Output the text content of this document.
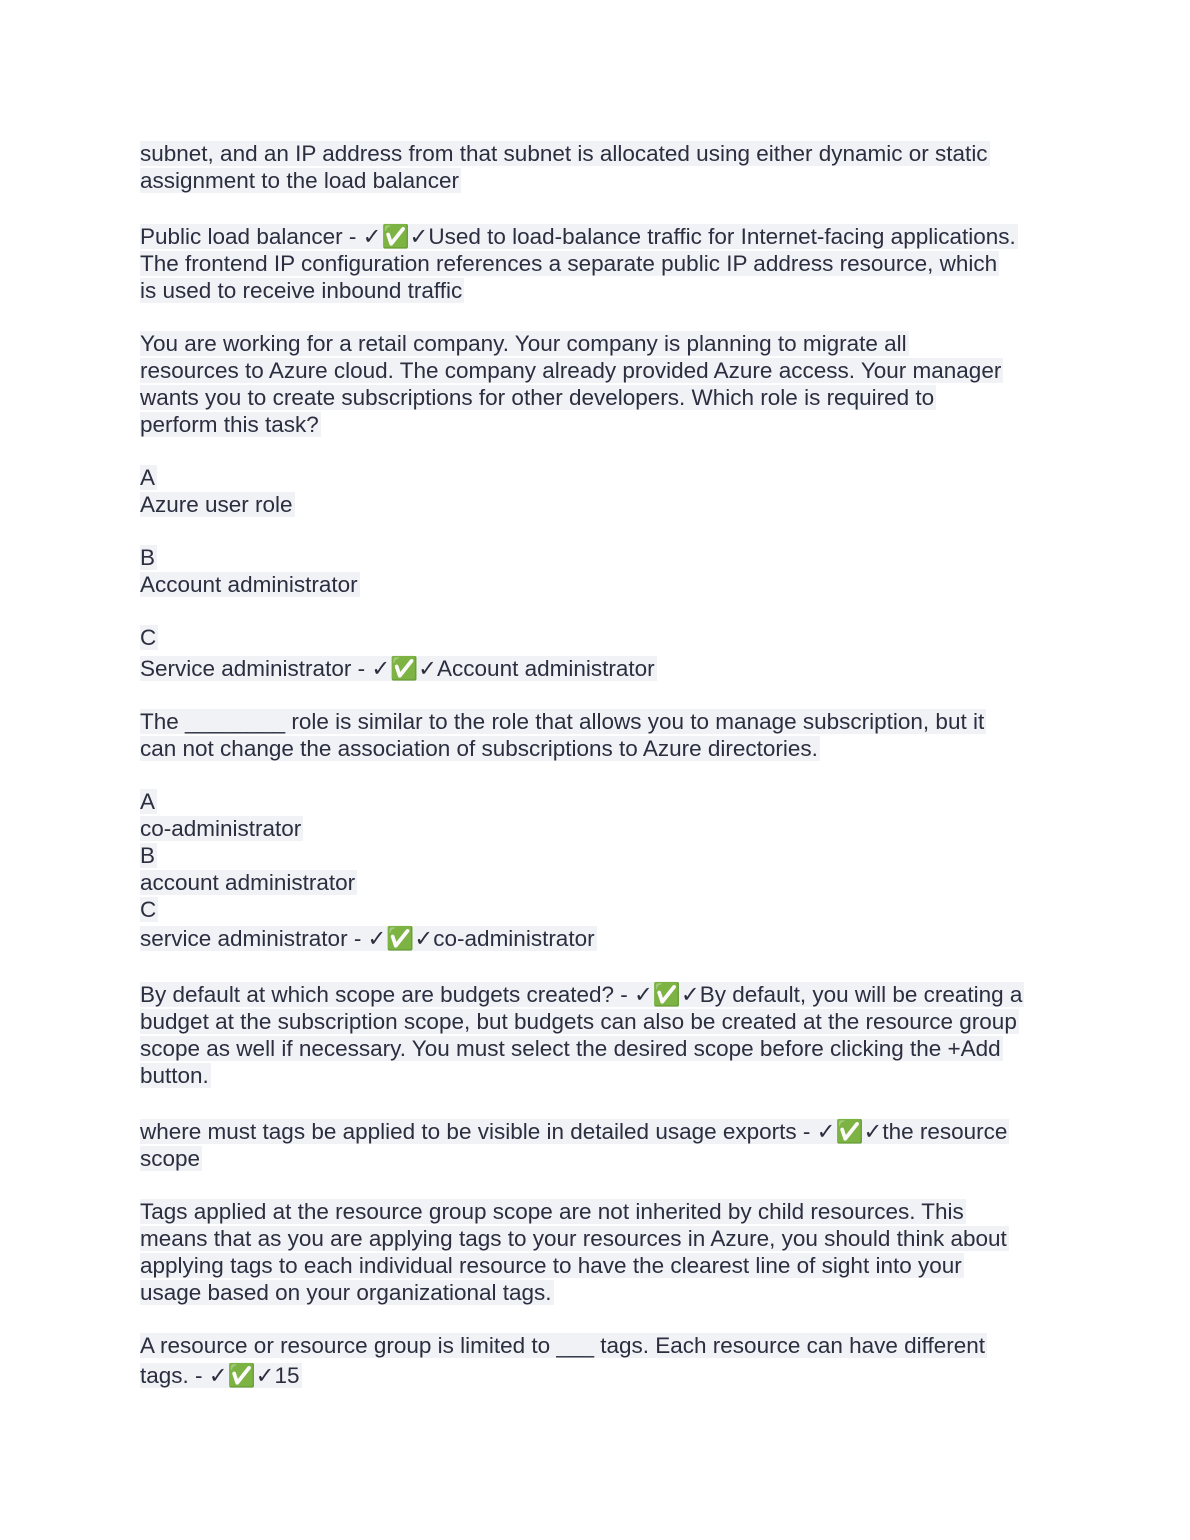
subnet, and an IP address from that subnet is allocated using either dynamic or static
assignment to the load balancer
Public load balancer - ✓✅✓Used to load-balance traffic for Internet-facing applications.
The frontend IP configuration references a separate public IP address resource, which
is used to receive inbound traffic
You are working for a retail company. Your company is planning to migrate all
resources to Azure cloud. The company already provided Azure access. Your manager
wants you to create subscriptions for other developers. Which role is required to
perform this task?
A
Azure user role
B
Account administrator
C
Service administrator - ✓✅✓Account administrator
The ________ role is similar to the role that allows you to manage subscription, but it
can not change the association of subscriptions to Azure directories.
A
co-administrator
B
account administrator
C
service administrator - ✓✅✓co-administrator
By default at which scope are budgets created? - ✓✅✓By default, you will be creating a
budget at the subscription scope, but budgets can also be created at the resource group
scope as well if necessary. You must select the desired scope before clicking the +Add
button.
where must tags be applied to be visible in detailed usage exports - ✓✅✓the resource
scope
Tags applied at the resource group scope are not inherited by child resources. This
means that as you are applying tags to your resources in Azure, you should think about
applying tags to each individual resource to have the clearest line of sight into your
usage based on your organizational tags.
A resource or resource group is limited to ___ tags. Each resource can have different
tags. - ✓✅✓15
